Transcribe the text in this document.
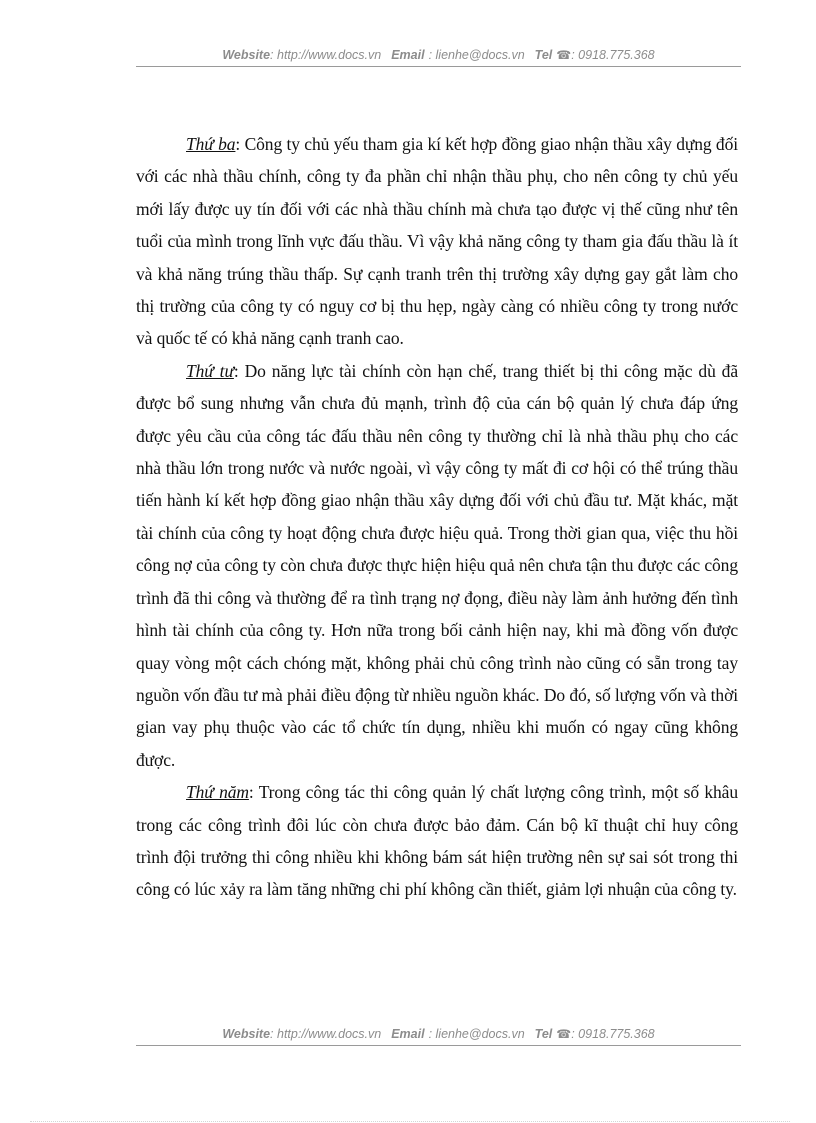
Website: http://www.docs.vn Email : lienhe@docs.vn Tel ☎: 0918.775.368

Thứ ba: Công ty chủ yếu tham gia kí kết hợp đồng giao nhận thầu xây dựng đối với các nhà thầu chính, công ty đa phần chỉ nhận thầu phụ, cho nên công ty chủ yếu mới lấy được uy tín đối với các nhà thầu chính mà chưa tạo được vị thế cũng như tên tuổi của mình trong lĩnh vực đấu thầu. Vì vậy khả năng công ty tham gia đấu thầu là ít và khả năng trúng thầu thấp. Sự cạnh tranh trên thị trường xây dựng gay gắt làm cho thị trường của công ty có nguy cơ bị thu hẹp, ngày càng có nhiều công ty trong nước và quốc tế có khả năng cạnh tranh cao.

Thứ tư: Do năng lực tài chính còn hạn chế, trang thiết bị thi công mặc dù đã được bổ sung nhưng vẫn chưa đủ mạnh, trình độ của cán bộ quản lý chưa đáp ứng được yêu cầu của công tác đấu thầu nên công ty thường chỉ là nhà thầu phụ cho các nhà thầu lớn trong nước và nước ngoài, vì vậy công ty mất đi cơ hội có thể trúng thầu tiến hành kí kết hợp đồng giao nhận thầu xây dựng đối với chủ đầu tư. Mặt khác, mặt tài chính của công ty hoạt động chưa được hiệu quả. Trong thời gian qua, việc thu hồi công nợ của công ty còn chưa được thực hiện hiệu quả nên chưa tận thu được các công trình đã thi công và thường để ra tình trạng nợ đọng, điều này làm ảnh hưởng đến tình hình tài chính của công ty. Hơn nữa trong bối cảnh hiện nay, khi mà đồng vốn được quay vòng một cách chóng mặt, không phải chủ công trình nào cũng có sẵn trong tay nguồn vốn đầu tư mà phải điều động từ nhiều nguồn khác. Do đó, số lượng vốn và thời gian vay phụ thuộc vào các tổ chức tín dụng, nhiều khi muốn có ngay cũng không được.

Thứ năm: Trong công tác thi công quản lý chất lượng công trình, một số khâu trong các công trình đôi lúc còn chưa được bảo đảm. Cán bộ kĩ thuật chỉ huy công trình đội trưởng thi công nhiều khi không bám sát hiện trường nên sự sai sót trong thi công có lúc xảy ra làm tăng những chi phí không cần thiết, giảm lợi nhuận của công ty.

Website: http://www.docs.vn Email : lienhe@docs.vn Tel ☎: 0918.775.368
